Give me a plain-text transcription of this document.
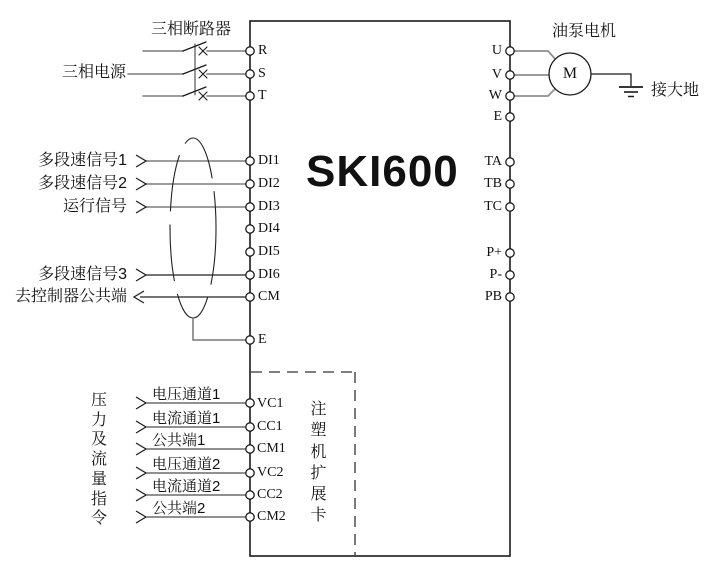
SKI600
三相断路器
三相电源
油泵电机
M
接大地
多段速信号1
多段速信号2
运行信号
多段速信号3
去控制器公共端
压力及流量指令
电压通道1
电流通道1
公共端1
电压通道2
电流通道2
公共端2
注塑机扩展卡
R
S
T
DI1
DI2
DI3
DI4
DI5
DI6
CM
E
VC1
CC1
CM1
VC2
CC2
CM2
U
V
W
E
TA
TB
TC
P+
P-
PB
